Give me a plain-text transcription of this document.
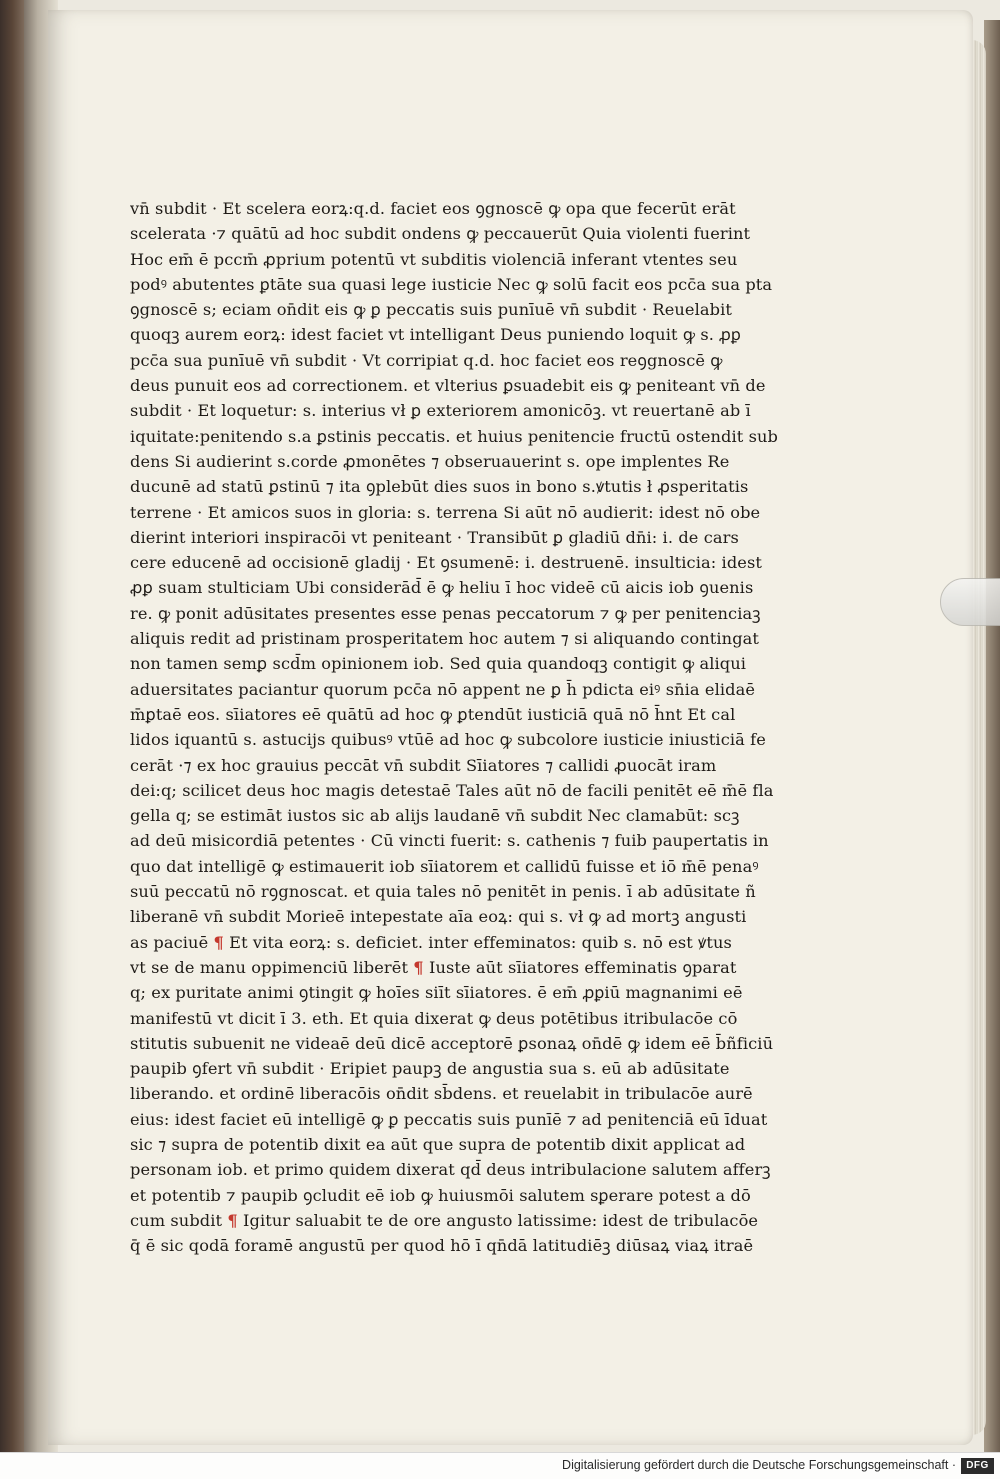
vn̄ subdit · Et scelera eorꝝ:q.d. faciet eos ꝯgnoscē ꝙ opa que fecerūt erāt
scelerata ·⁊ quātū ad hoc subdit ondens ꝙ peccauerūt Quia violenti fuerint
Hoc em̄ ē pccm̄ ꝓprium potentū vt subditis violenciā inferant vtentes seu
podꝰ abutentes ꝑtāte sua quasi lege iusticie Nec ꝙ solū facit eos pcc̄a sua pta
ꝯgnoscē s; eciam on̄dit eis ꝙ ꝑ peccatis suis punīuē vn̄ subdit · Reuelabit
quoqꝫ aurem eorꝝ: idest faciet vt intelligant Deus puniendo loquit ꝙ s. ꝓꝑ
pcc̄a sua punīuē vn̄ subdit · Vt corripiat q.d. hoc faciet eos reꝯgnoscē ꝙ
deus punuit eos ad correctionem. et vlterius ꝑsuadebit eis ꝙ peniteant vn̄ de
subdit · Et loquetur: s. interius vł ꝑ exteriorem amonicōꝫ. vt reuertanē ab ī
iquitate:penitendo s.a ꝑstinis peccatis. et huius penitencie fructū ostendit sub
dens Si audierint s.corde ꝓmonētes ⁊ obseruauerint s. ope implentes Re
ducunē ad statū ꝑstinū ⁊ ita ꝯplebūt dies suos in bono s.ꝟtutis ł ꝓsperitatis
terrene · Et amicos suos in gloria: s. terrena Si aūt nō audierit: idest nō obe
dierint interiori inspiracōi vt peniteant · Transibūt ꝑ gladiū dn̄i: i. de cars
cere educenē ad occisionē gladij · Et ꝯsumenē: i. destruenē. insulticia: idest
ꝓꝑ suam stulticiam Ubi considerād̄ ē ꝙ heliu ī hoc videē cū aicis iob ꝯuenis
re. ꝙ ponit adūsitates presentes esse penas peccatorum ⁊ ꝙ per penitenciaꝫ
aliquis redit ad pristinam prosperitatem hoc autem ⁊ si aliquando contingat
non tamen semꝑ scd̄m opinionem iob. Sed quia quandoqꝫ contigit ꝙ aliqui
aduersitates paciantur quorum pcc̄a nō appent ne ꝑ h̄ pdicta eiꝰ sn̄ia elidaē
m̄ꝑtaē eos. sīiatores eē quātū ad hoc ꝙ ꝑtendūt iusticiā quā nō h̄nt Et cal
lidos iquantū s. astucijs quibusꝰ vtūē ad hoc ꝙ subcolore iusticie iniusticiā fe
cerāt ·⁊ ex hoc grauius peccāt vn̄ subdit Sīiatores ⁊ callidi ꝓuocāt iram
dei:q; scilicet deus hoc magis detestaē Tales aūt nō de facili penitēt eē m̄ē fla
gella q; se estimāt iustos sic ab alijs laudanē vn̄ subdit Nec clamabūt: scꝫ
ad deū misicordiā petentes · Cū vincti fuerit: s. cathenis ⁊ fuib paupertatis in
quo dat intelligē ꝙ estimauerit iob sīiatorem et callidū fuisse et iō m̄ē penaꝰ
suū peccatū nō rꝯgnoscat. et quia tales nō penitēt in penis. ī ab adūsitate ñ
liberanē vn̄ subdit Morieē intepestate aīa eoꝝ: qui s. vł ꝙ ad mortꝫ angusti
as paciuē ¶ Et vita eorꝝ: s. deficiet. inter effeminatos: quib s. nō est ꝟtus
vt se de manu oppimenciū liberēt ¶ Iuste aūt sīiatores effeminatis ꝯparat
q; ex puritate animi ꝯtingit ꝙ hoīes siīt sīiatores. ē em̄ ꝓꝑiū magnanimi eē
manifestū vt dicit ī 3. eth. Et quia dixerat ꝙ deus potētibus itribulacōe cō
stitutis subuenit ne videaē deū dicē acceptorē ꝑsonaꝝ on̄dē ꝙ idem eē b̄ñficiū
paupib ꝯfert vn̄ subdit · Eripiet paupꝫ de angustia sua s. eū ab adūsitate
liberando. et ordinē liberacōis on̄dit sb̄dens. et reuelabit in tribulacōe aurē
eius: idest faciet eū intelligē ꝙ ꝑ peccatis suis punīē ⁊ ad penitenciā eū īduat
sic ⁊ supra de potentib dixit ea aūt que supra de potentib dixit applicat ad
personam iob. et primo quidem dixerat qd̄ deus intribulacione salutem afferꝫ
et potentib ⁊ paupib ꝯcludit eē iob ꝙ huiusmōi salutem sꝑerare potest a dō
cum subdit ¶ Igitur saluabit te de ore angusto latissime: idest de tribulacōe
q̄ ē sic qodā foramē angustū per quod hō ī qn̄dā latitudiēꝫ diūsaꝝ viaꝝ itraē
Digitalisierung gefördert durch die Deutsche Forschungsgemeinschaft ·	DFG
